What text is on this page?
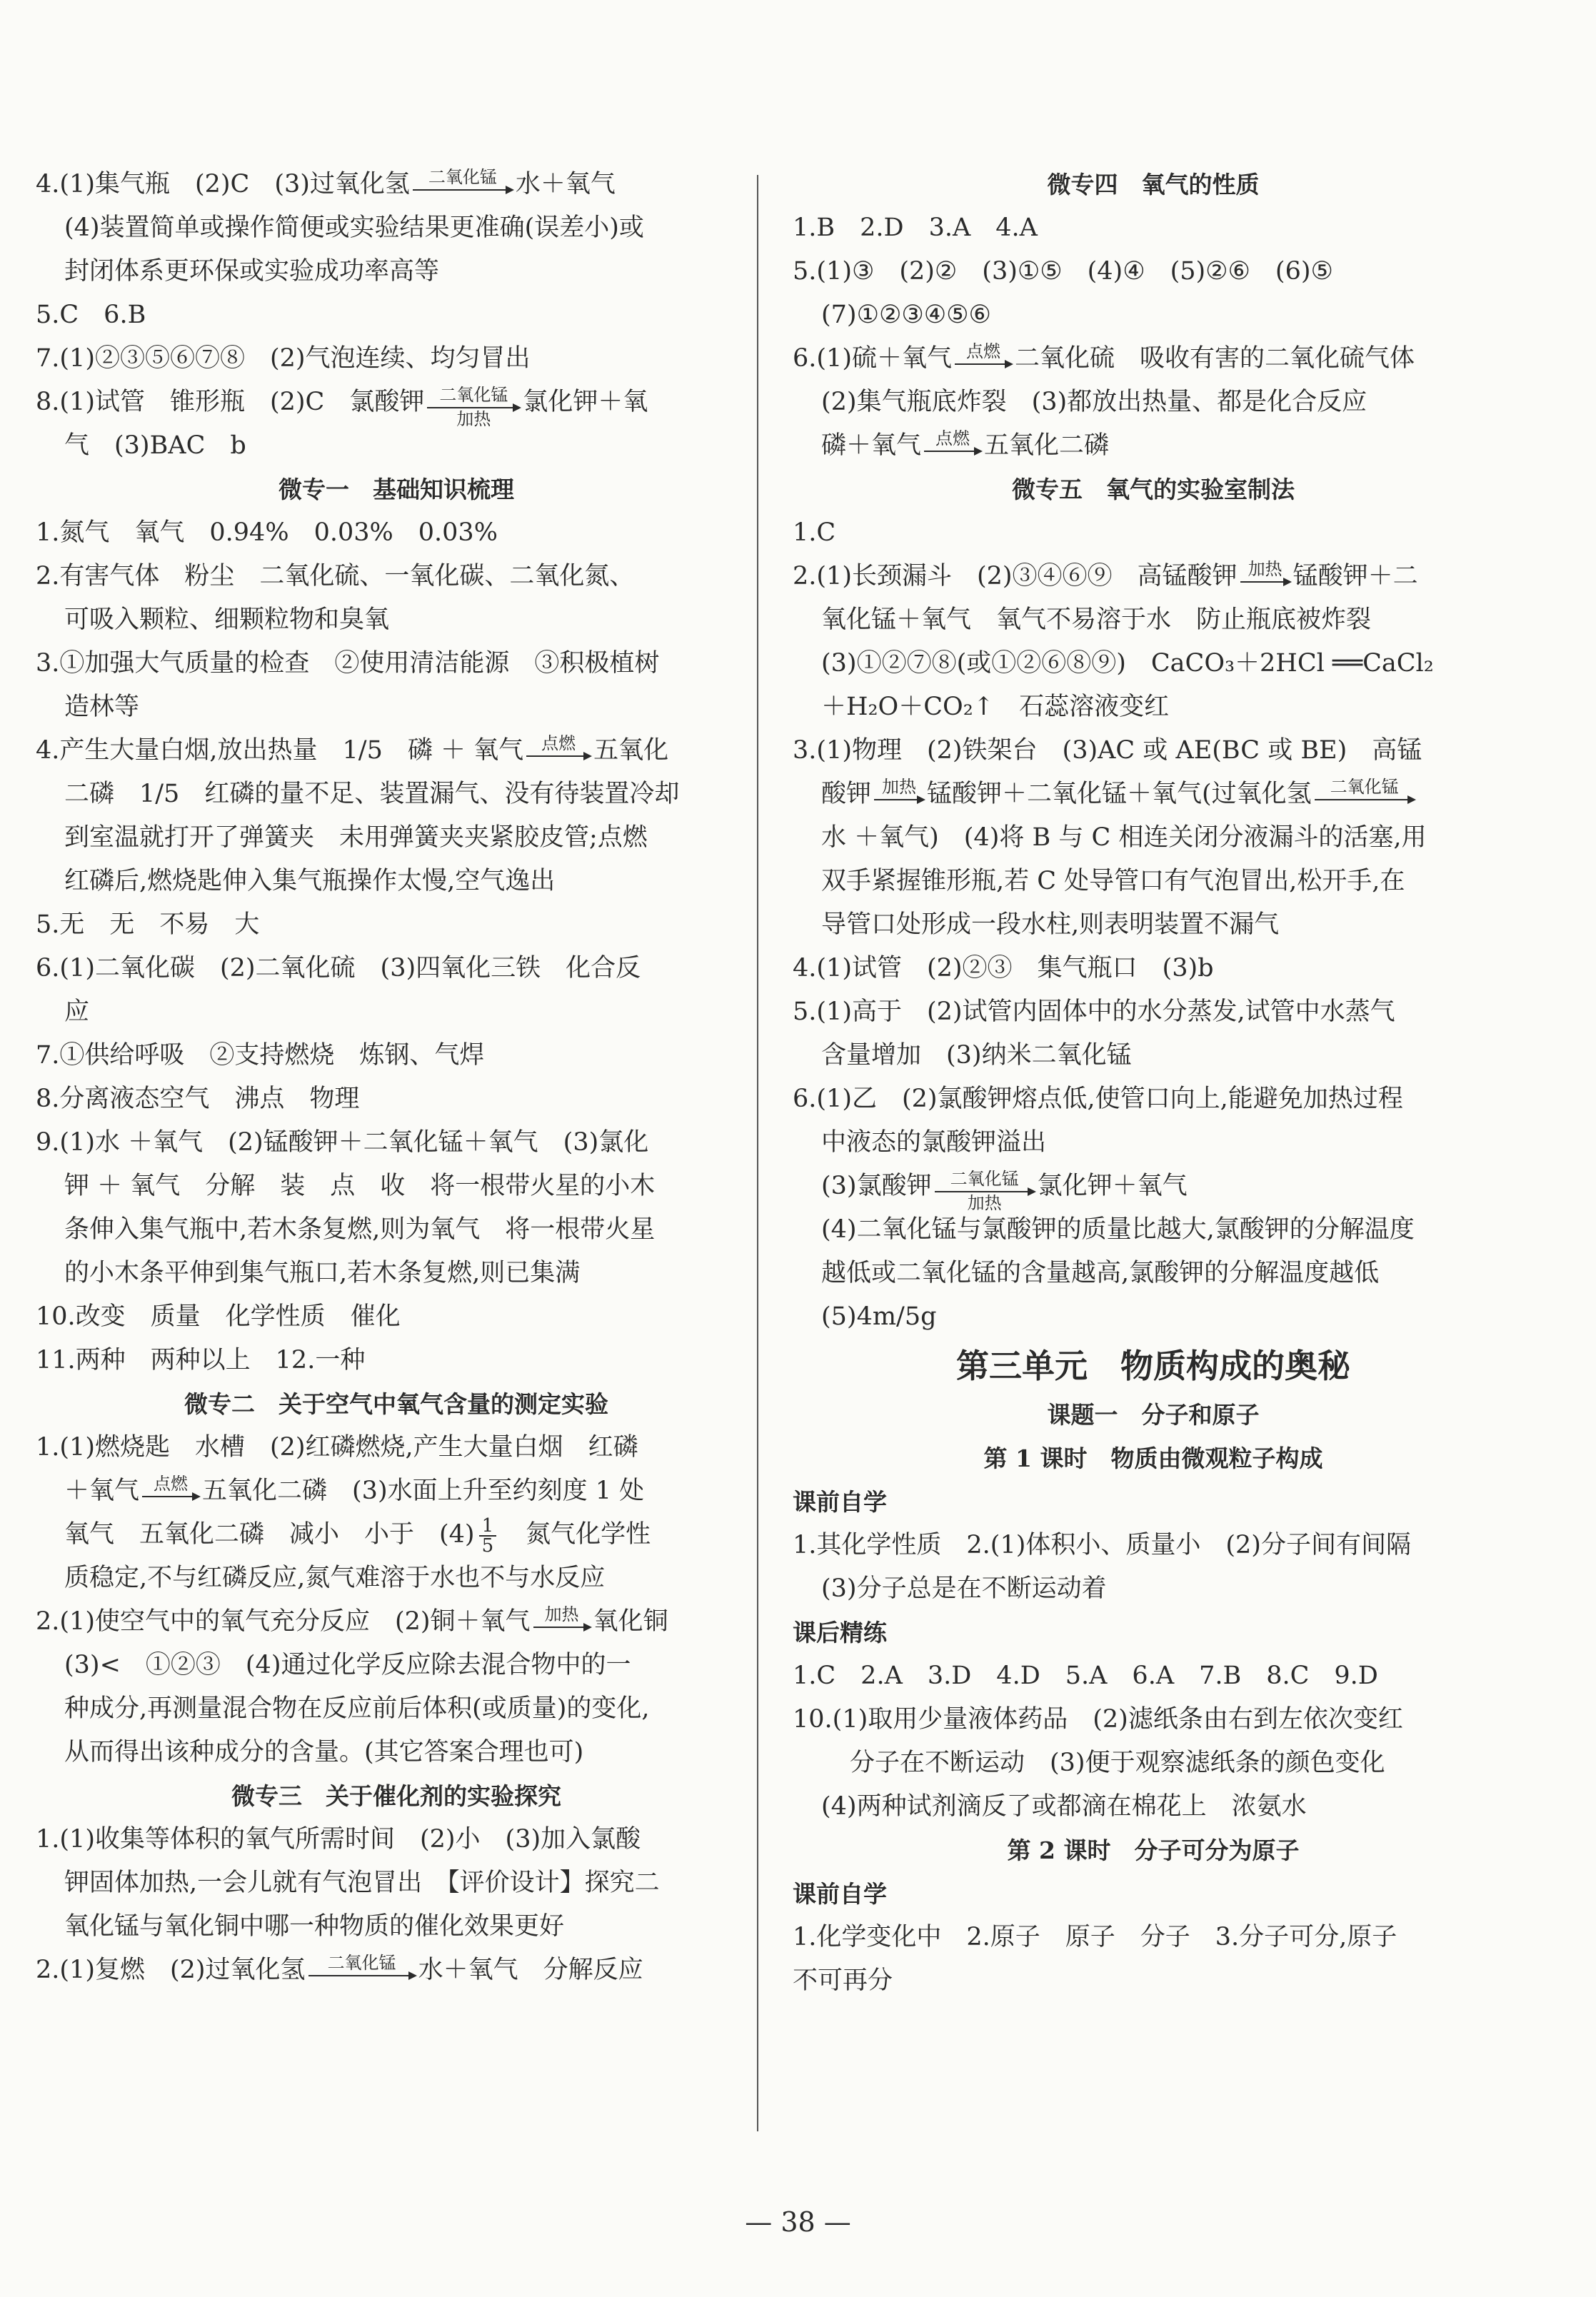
4.(1)集气瓶　(2)C　(3)过氧化氢	二氧化锰 水＋氧气
(4)装置简单或操作简便或实验结果更准确(误差小)或
封闭体系更环保或实验成功率高等
5.C　6.B
7.(1)②③⑤⑥⑦⑧　(2)气泡连续、均匀冒出
8.(1)试管　锥形瓶　(2)C　氯酸钾 二氧化锰
加热
氯化钾＋氧
气　(3)BAC　b
微专一　基础知识梳理
1.氮气　氧气　0.94%　0.03%　0.03%
2.有害气体　粉尘　二氧化硫、一氧化碳、二氧化氮、
可吸入颗粒、细颗粒物和臭氧
3.①加强大气质量的检查　②使用清洁能源　③积极植树
造林等
4.产生大量白烟,放出热量　1/5　磷 ＋ 氧气	点燃 五氧化
二磷　1/5　红磷的量不足、装置漏气、没有待装置冷却
到室温就打开了弹簧夹　未用弹簧夹夹紧胶皮管;点燃
红磷后,燃烧匙伸入集气瓶操作太慢,空气逸出
5.无　无　不易　大
6.(1)二氧化碳　(2)二氧化硫　(3)四氧化三铁　化合反
应
7.①供给呼吸　②支持燃烧　炼钢、气焊
8.分离液态空气　沸点　物理
9.(1)水 ＋氧气　(2)锰酸钾＋二氧化锰＋氧气　(3)氯化
钾 ＋ 氧气　分解　装　点　收　将一根带火星的小木
条伸入集气瓶中,若木条复燃,则为氧气　将一根带火星
的小木条平伸到集气瓶口,若木条复燃,则已集满
10.改变　质量　化学性质　催化
11.两种　两种以上　12.一种
微专二　关于空气中氧气含量的测定实验
1.(1)燃烧匙　水槽　(2)红磷燃烧,产生大量白烟　红磷
＋氧气 点燃 五氧化二磷　(3)水面上升至约刻度 1 处
氧气　五氧化二磷　减小　小于　$(4) \frac{1}{5}$ 　氮气化学性
质稳定,不与红磷反应,氮气难溶于水也不与水反应
2.(1)使空气中的氧气充分反应　(2)铜＋氧气 加热 氧化铜
(3)<　①②③　(4)通过化学反应除去混合物中的一
种成分,再测量混合物在反应前后体积(或质量)的变化,
从而得出该种成分的含量。(其它答案合理也可)
微专三　关于催化剂的实验探究
1.(1)收集等体积的氧气所需时间　(2)小　(3)加入氯酸
钾固体加热,一会儿就有气泡冒出　【评价设计】探究二
氧化锰与氧化铜中哪一种物质的催化效果更好
2.(1)复燃　(2)过氧化氢	二氧化锰 水＋氧气　分解反应
微专四　氧气的性质
1.B　2.D　3.A　4.A
5.(1)③　(2)②　(3)①⑤　(4)④　(5)②⑥　(6)⑤
(7)①②③④⑤⑥
6.(1)硫＋氧气 点燃 二氧化硫　吸收有害的二氧化硫气体
(2)集气瓶底炸裂　(3)都放出热量、都是化合反应
磷＋氧气 点燃 五氧化二磷
微专五　氧气的实验室制法
1.C
2.(1)长颈漏斗　(2)③④⑥⑨　高锰酸钾 加热 锰酸钾＋二
氧化锰＋氧气　氧气不易溶于水　防止瓶底被炸裂
(3)①②⑦⑧(或①②⑥⑧⑨)　CaCO₃＋2HCl ══CaCl₂
＋H₂O＋CO₂↑　石蕊溶液变红
3.(1)物理　(2)铁架台　(3)AC 或 AE(BC 或 BE)　高锰
酸钾 加热 锰酸钾＋二氧化锰＋氧气(过氧化氢	二氧化锰
水 ＋氧气)　(4)将 B 与 C 相连关闭分液漏斗的活塞,用
双手紧握锥形瓶,若 C 处导管口有气泡冒出,松开手,在
导管口处形成一段水柱,则表明装置不漏气
4.(1)试管　(2)②③　集气瓶口　(3)b
5.(1)高于　(2)试管内固体中的水分蒸发,试管中水蒸气
含量增加　(3)纳米二氧化锰
6.(1)乙　(2)氯酸钾熔点低,使管口向上,能避免加热过程
中液态的氯酸钾溢出
(3)氯酸钾	二氧化锰
加热
氯化钾＋氧气
(4)二氧化锰与氯酸钾的质量比越大,氯酸钾的分解温度
越低或二氧化锰的含量越高,氯酸钾的分解温度越低
(5)4m/5g
第三单元　物质构成的奥秘
课题一　分子和原子
第 1 课时　物质由微观粒子构成
课前自学
1.其化学性质　2.(1)体积小、质量小　(2)分子间有间隔
(3)分子总是在不断运动着
课后精练
1.C　2.A　3.D　4.D　5.A　6.A　7.B　8.C　9.D
10.(1)取用少量液体药品　(2)滤纸条由右到左依次变红
分子在不断运动　(3)便于观察滤纸条的颜色变化
(4)两种试剂滴反了或都滴在棉花上　浓氨水
第 2 课时　分子可分为原子
课前自学
1.化学变化中　2.原子　原子　分子　3.分子可分,原子
不可再分
— 38 —
